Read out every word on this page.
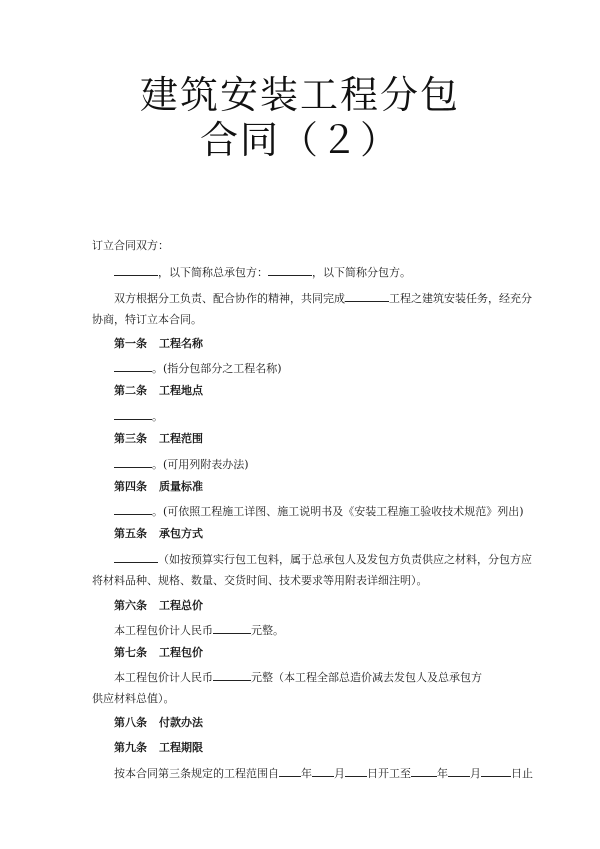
建筑安装工程分包
合同（２）
订立合同双方：
，以下简称总承包方：	，以下简称分包方。
双方根据分工负责、配合协作的精神，共同完成	工程之建筑安装任务，经充分
协商，特订立本合同。
第一条 工程名称
。(指分包部分之工程名称)
第二条 工程地点
。
第三条 工程范围
。(可用列附表办法)
第四条 质量标准
。(可依照工程施工详图、施工说明书及《安装工程施工验收技术规范》列出)
第五条 承包方式
（如按预算实行包工包料，属于总承包人及发包方负责供应之材料，分包方应
将材料品种、规格、数量、交货时间、技术要求等用附表详细注明）。
第六条 工程总价
本工程包价计人民币	元整。
第七条 工程包价
本工程包价计人民币	元整（本工程全部总造价减去发包人及总承包方
供应材料总值）。
第八条 付款办法
第九条 工程期限
按本合同第三条规定的工程范围自 年 月 日开工至 年 月	日止
